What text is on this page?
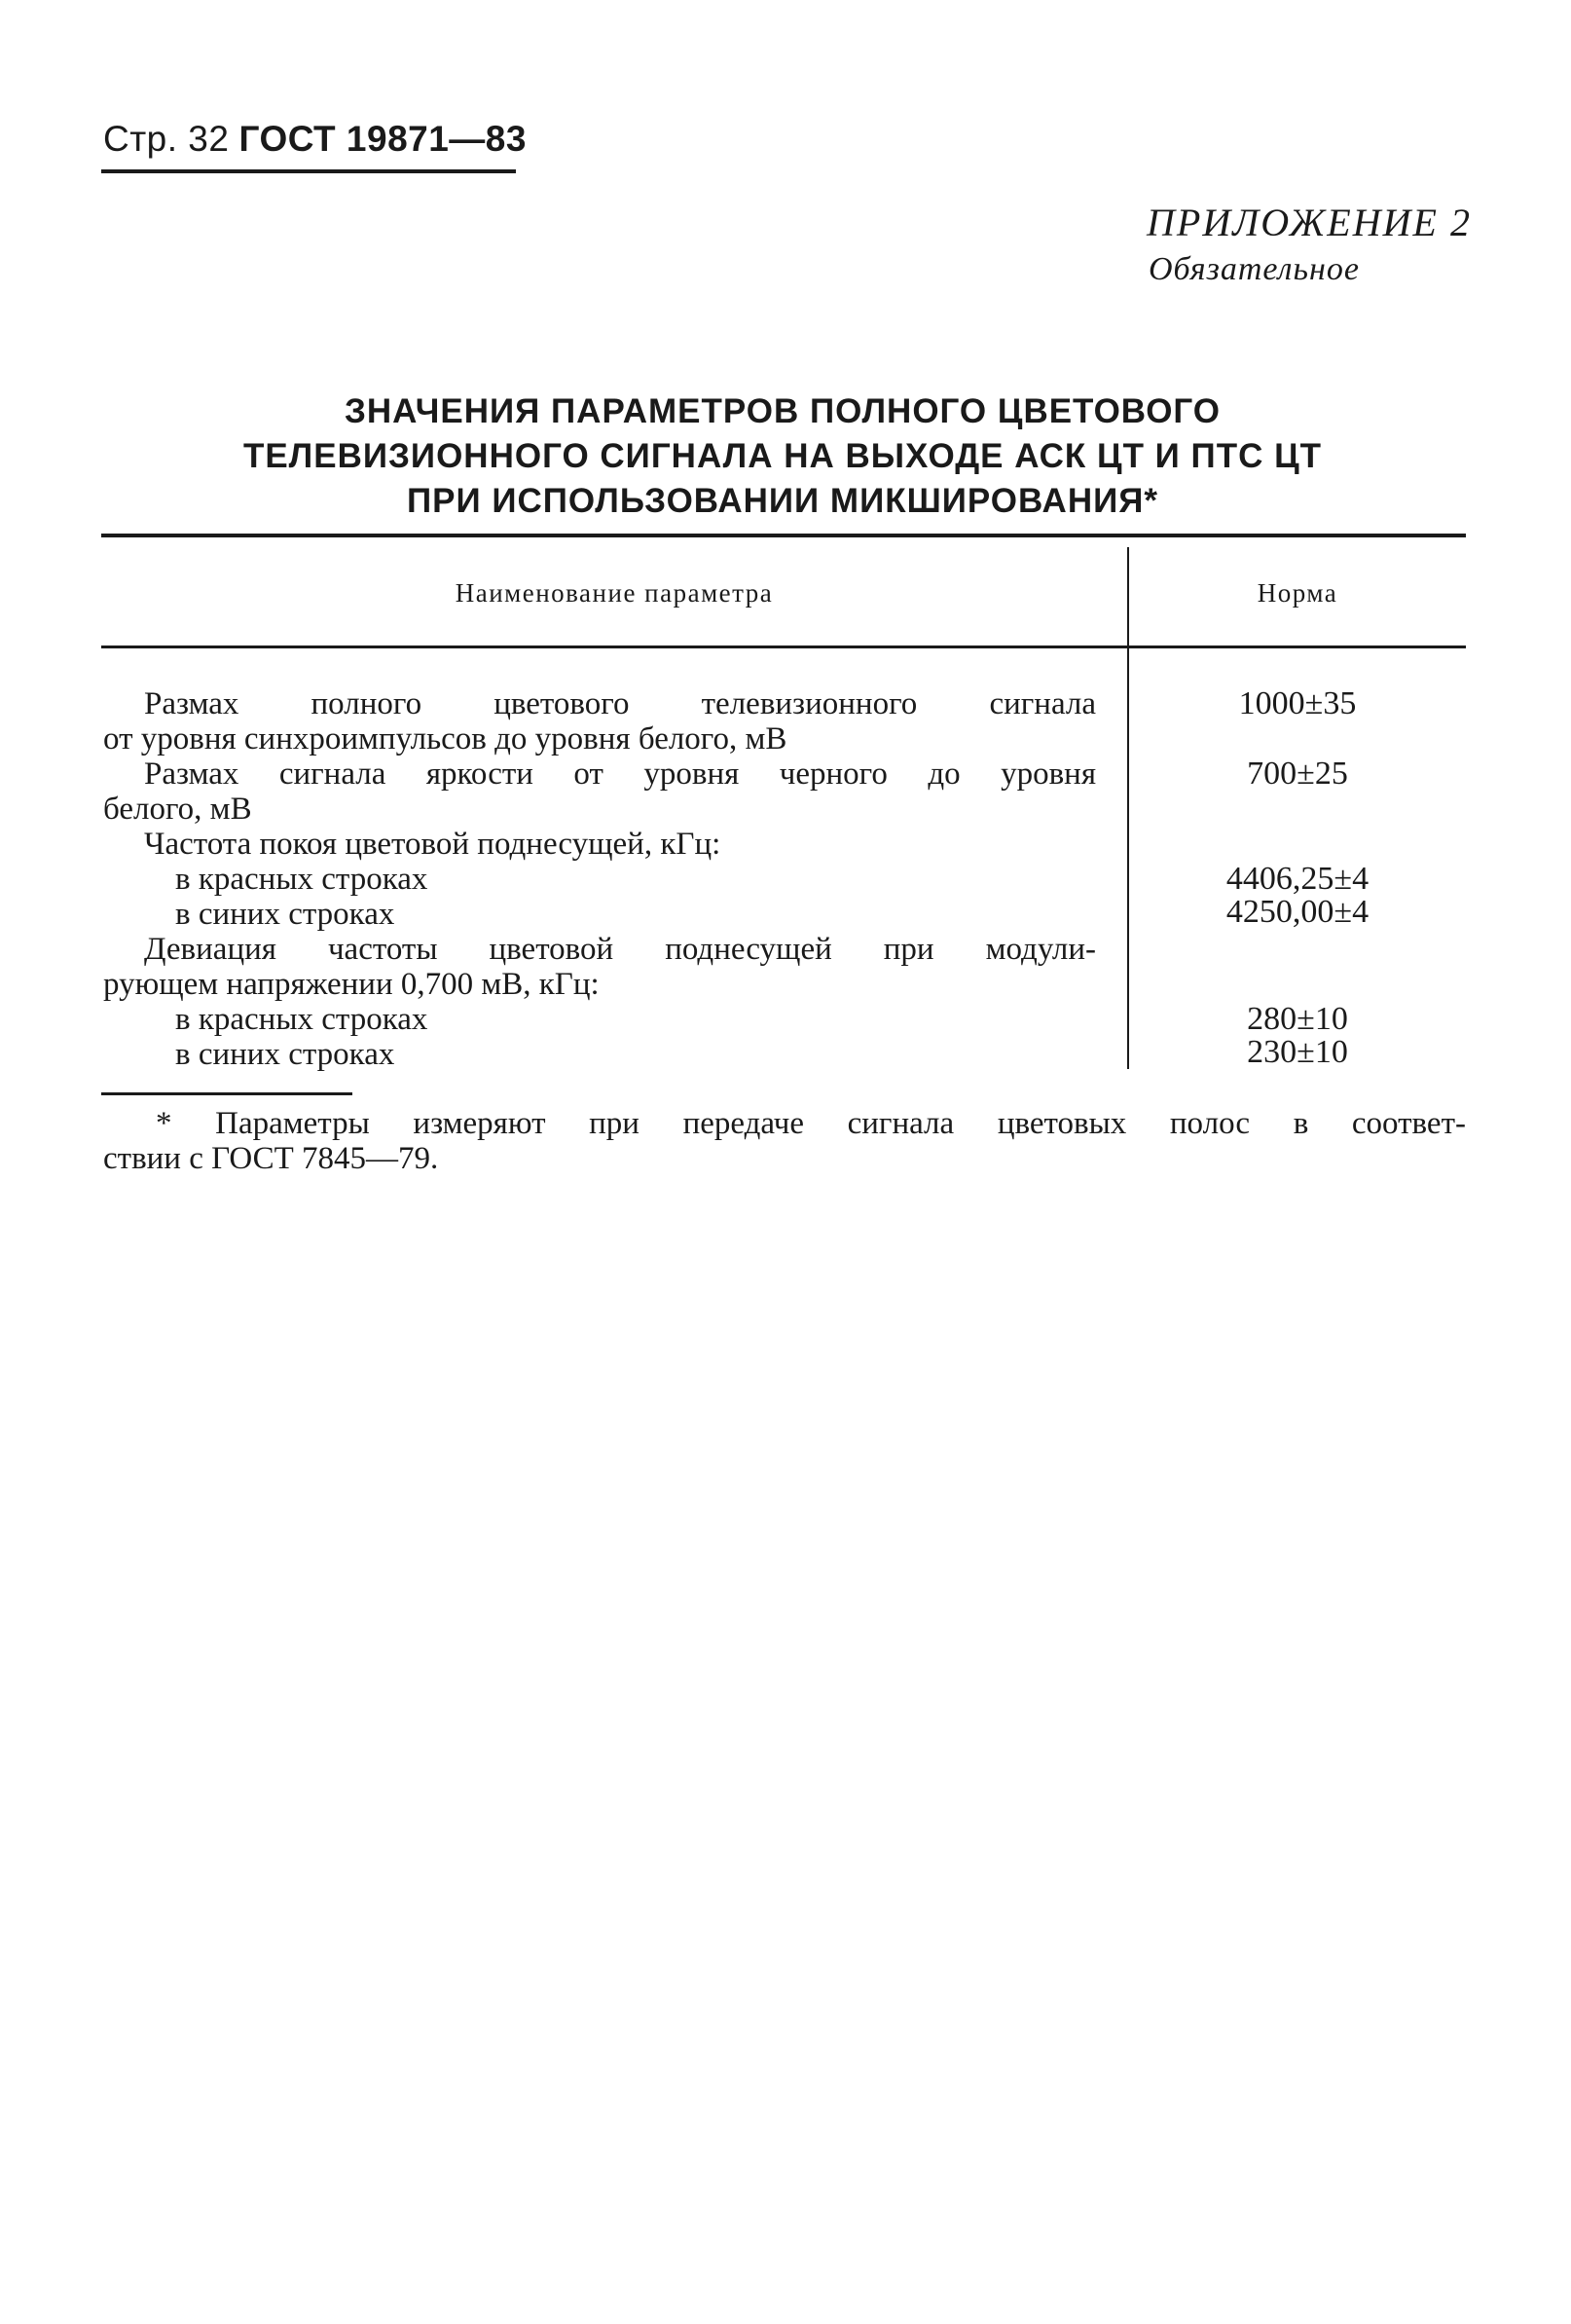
Стр. 32 ГОСТ 19871—83
ПРИЛОЖЕНИЕ 2
Обязательное
ЗНАЧЕНИЯ ПАРАМЕТРОВ ПОЛНОГО ЦВЕТОВОГО
ТЕЛЕВИЗИОННОГО СИГНАЛА НА ВЫХОДЕ АСК ЦТ И ПТС ЦТ
ПРИ ИСПОЛЬЗОВАНИИ МИКШИРОВАНИЯ*
Наименование параметра	Норма
Размах полного цветового телевизионного сигнала
от уровня синхроимпульсов до уровня белого, мВ
Размах сигнала яркости от уровня черного до уровня
белого, мВ
Частота покоя цветовой поднесущей, кГц:
в красных строках
в синих строках
Девиация частоты цветовой поднесущей при модули-
рующем напряжении 0,700 мВ, кГц:
в красных строках
в синих строках
1000±35
700±25
4406,25±4
4250,00±4
280±10
230±10
* Параметры измеряют при передаче сигнала цветовых полос в соответ-
ствии с ГОСТ 7845—79.
